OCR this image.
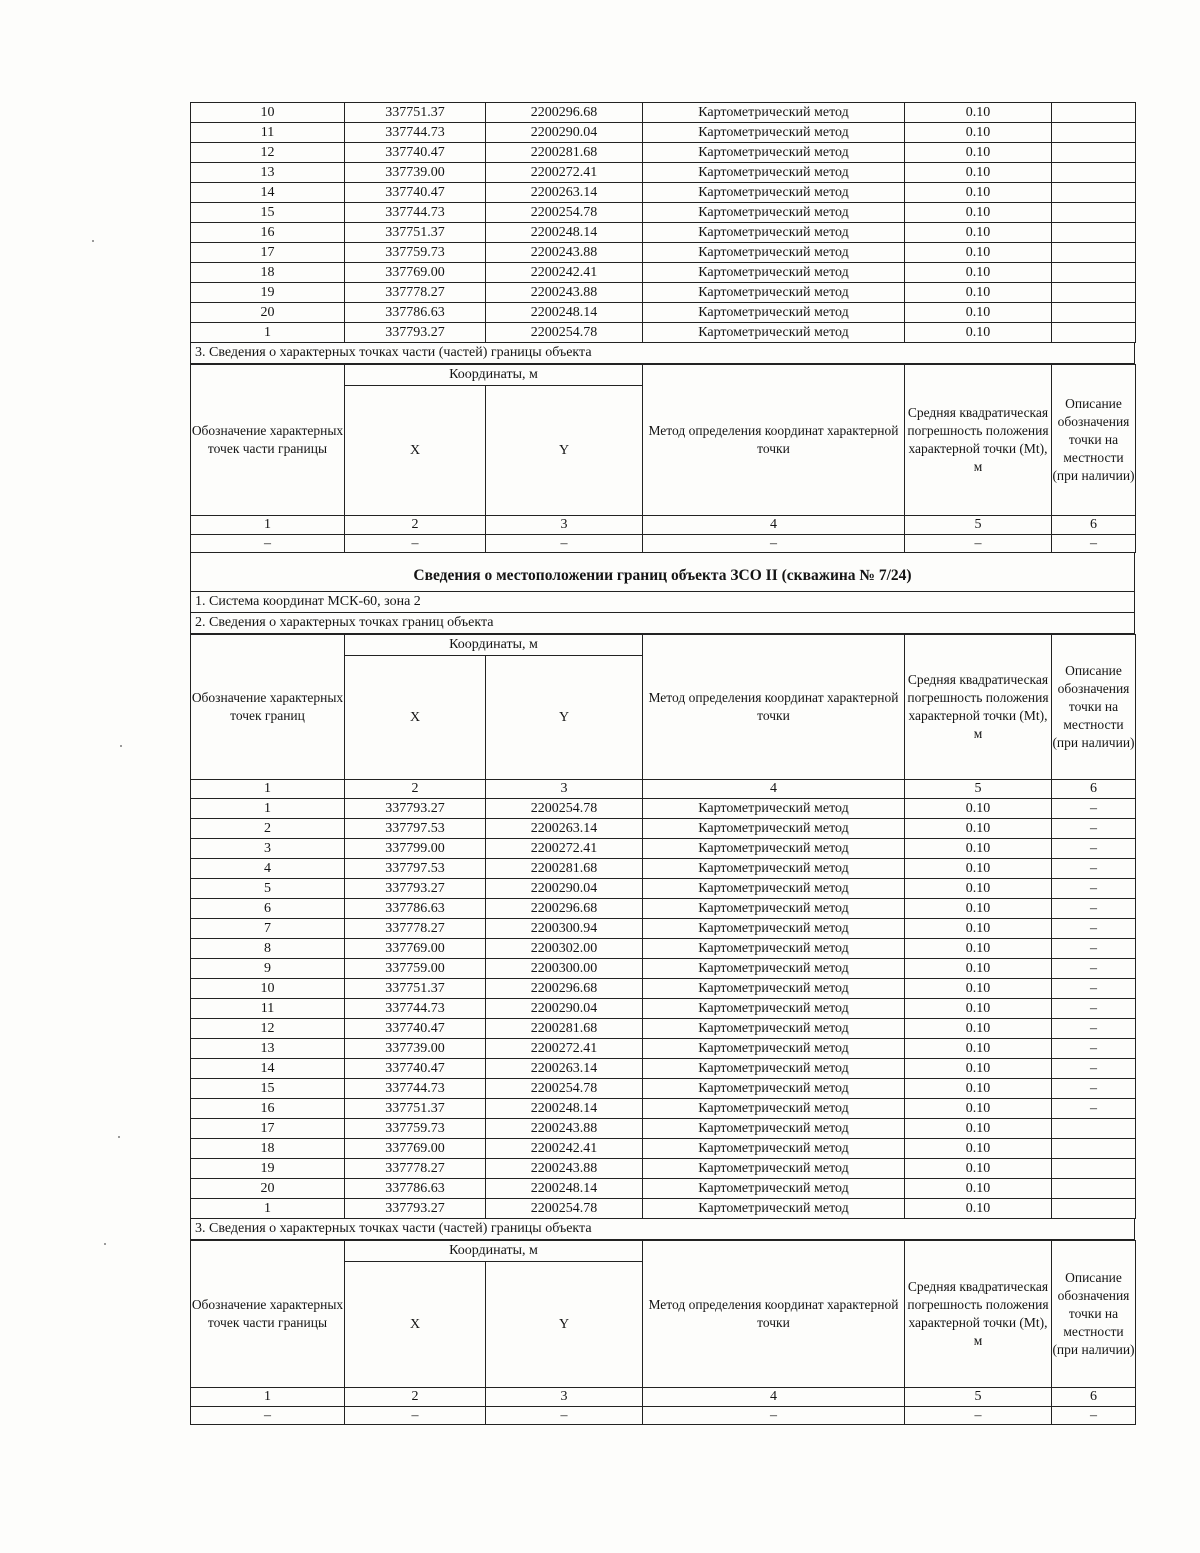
10	337751.37	2200296.68	Картометрический метод	0.10	
11	337744.73	2200290.04	Картометрический метод	0.10	
12	337740.47	2200281.68	Картометрический метод	0.10	
13	337739.00	2200272.41	Картометрический метод	0.10	
14	337740.47	2200263.14	Картометрический метод	0.10	
15	337744.73	2200254.78	Картометрический метод	0.10	
16	337751.37	2200248.14	Картометрический метод	0.10	
17	337759.73	2200243.88	Картометрический метод	0.10	
18	337769.00	2200242.41	Картометрический метод	0.10	
19	337778.27	2200243.88	Картометрический метод	0.10	
20	337786.63	2200248.14	Картометрический метод	0.10	
1	337793.27	2200254.78	Картометрический метод	0.10	
3. Сведения о характерных точках части (частей) границы объекта
Обозначение характерных точек части границы	Координаты, м		Метод определения координат характерной точки	Средняя квадратическая погрешность положения характерной точки (Mt), м	Описание обозначения точки на местности (при наличии)
	X	Y			
1	2	3	4	5	6
–	–	–	–	–	–
Сведения о местоположении границ объекта ЗСО II (скважина № 7/24)
1. Система координат МСК-60, зона 2
2. Сведения о характерных точках границ объекта
Обозначение характерных точек границ	Координаты, м		Метод определения координат характерной точки	Средняя квадратическая погрешность положения характерной точки (Mt), м	Описание обозначения точки на местности (при наличии)
	X	Y			
1	2	3	4	5	6
1	337793.27	2200254.78	Картометрический метод	0.10	–
2	337797.53	2200263.14	Картометрический метод	0.10	–
3	337799.00	2200272.41	Картометрический метод	0.10	–
4	337797.53	2200281.68	Картометрический метод	0.10	–
5	337793.27	2200290.04	Картометрический метод	0.10	–
6	337786.63	2200296.68	Картометрический метод	0.10	–
7	337778.27	2200300.94	Картометрический метод	0.10	–
8	337769.00	2200302.00	Картометрический метод	0.10	–
9	337759.00	2200300.00	Картометрический метод	0.10	–
10	337751.37	2200296.68	Картометрический метод	0.10	–
11	337744.73	2200290.04	Картометрический метод	0.10	–
12	337740.47	2200281.68	Картометрический метод	0.10	–
13	337739.00	2200272.41	Картометрический метод	0.10	–
14	337740.47	2200263.14	Картометрический метод	0.10	–
15	337744.73	2200254.78	Картометрический метод	0.10	–
16	337751.37	2200248.14	Картометрический метод	0.10	–
17	337759.73	2200243.88	Картометрический метод	0.10	
18	337769.00	2200242.41	Картометрический метод	0.10	
19	337778.27	2200243.88	Картометрический метод	0.10	
20	337786.63	2200248.14	Картометрический метод	0.10	
1	337793.27	2200254.78	Картометрический метод	0.10	
3. Сведения о характерных точках части (частей) границы объекта
Обозначение характерных точек части границы	Координаты, м		Метод определения координат характерной точки	Средняя квадратическая погрешность положения характерной точки (Mt), м	Описание обозначения точки на местности (при наличии)
	X	Y			
1	2	3	4	5	6
–	–	–	–	–	–
